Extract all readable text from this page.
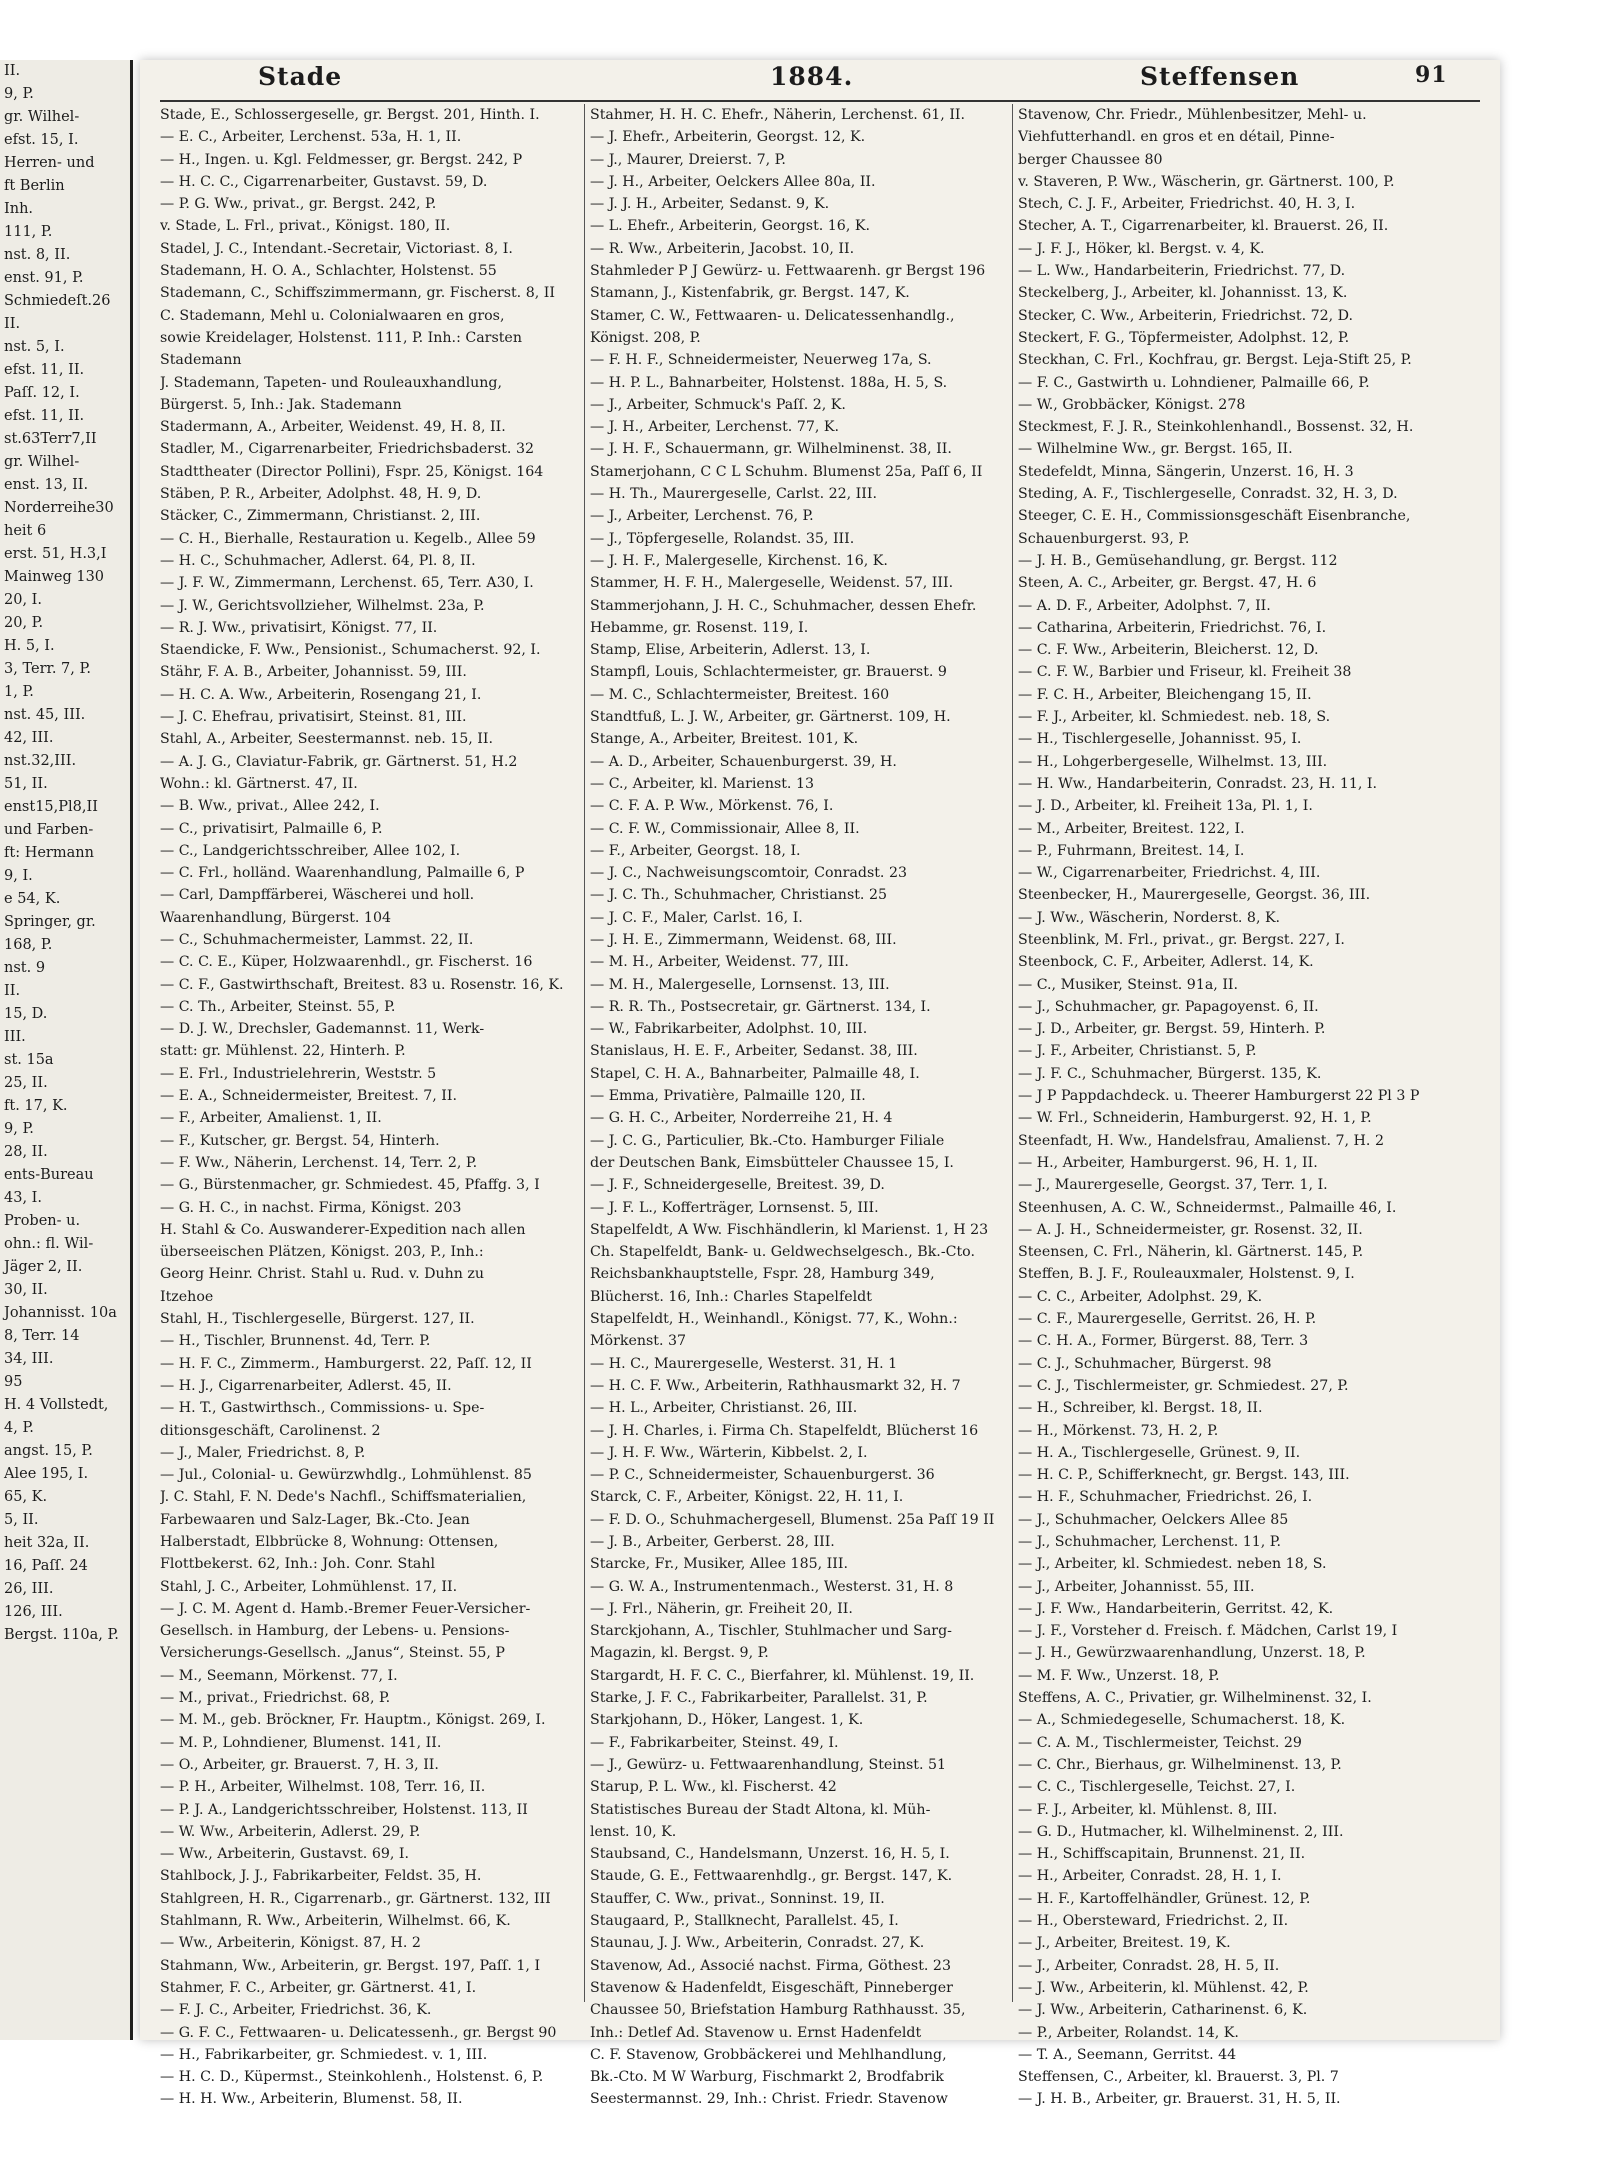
II.
9, P.
gr. Wilhel-
efst. 15, I.
Herren- und
ft Berlin
Inh.
111, P.
nst. 8, II.
enst. 91, P.
Schmiedeſt.26
II.
nst. 5, I.
efst. 11, II.
Paſſ. 12, I.
efst. 11, II.
st.63Terr7,II
gr. Wilhel-
enst. 13, II.
Norderreihe30
heit 6
erst. 51, H.3,I
Mainweg 130
20, I.
20, P.
H. 5, I.
3, Terr. 7, P.
1, P.
nst. 45, III.
42, III.
nst.32,III.
51, II.
enst15,Pl8,II
und Farben-
ft: Hermann
9, I.
e 54, K.
Springer, gr.
168, P.
nst. 9
II.
15, D.
III.
st. 15a
25, II.
ft. 17, K.
9, P.
28, II.
ents-Bureau
43, I.
Proben- u.
ohn.: fl. Wil-
Jäger 2, II.
30, II.
Johannisst. 10a
8, Terr. 14
34, III.
95
H. 4 Vollstedt,
4, P.
angst. 15, P.
Alee 195, I.
65, K.
5, II.
heit 32a, II.
16, Paſſ. 24
26, III.
126, III.
Bergst. 110a, P.
Stade	1884.	Steffensen	91
Stade, E., Schlossergeselle, gr. Bergst. 201, Hinth. I.
— E. C., Arbeiter, Lerchenst. 53a, H. 1, II.
— H., Ingen. u. Kgl. Feldmesser, gr. Bergst. 242, P
— H. C. C., Cigarrenarbeiter, Gustavst. 59, D.
— P. G. Ww., privat., gr. Bergst. 242, P.
v. Stade, L. Frl., privat., Königst. 180, II.
Stadel, J. C., Intendant.-Secretair, Victoriast. 8, I.
Stademann, H. O. A., Schlachter, Holstenst. 55
Stademann, C., Schiffszimmermann, gr. Fischerst. 8, II
C. Stademann, Mehl u. Colonialwaaren en gros,
sowie Kreidelager, Holstenst. 111, P. Inh.: Carsten
Stademann
J. Stademann, Tapeten- und Rouleauxhandlung,
Bürgerst. 5, Inh.: Jak. Stademann
Stadermann, A., Arbeiter, Weidenst. 49, H. 8, II.
Stadler, M., Cigarrenarbeiter, Friedrichsbaderst. 32
Stadttheater (Director Pollini), Fspr. 25, Königst. 164
Stäben, P. R., Arbeiter, Adolphst. 48, H. 9, D.
Stäcker, C., Zimmermann, Christianst. 2, III.
— C. H., Bierhalle, Restauration u. Kegelb., Allee 59
— H. C., Schuhmacher, Adlerst. 64, Pl. 8, II.
— J. F. W., Zimmermann, Lerchenst. 65, Terr. A30, I.
— J. W., Gerichtsvollzieher, Wilhelmst. 23a, P.
— R. J. Ww., privatisirt, Königst. 77, II.
Staendicke, F. Ww., Pensionist., Schumacherst. 92, I.
Stähr, F. A. B., Arbeiter, Johannisst. 59, III.
— H. C. A. Ww., Arbeiterin, Rosengang 21, I.
— J. C. Ehefrau, privatisirt, Steinst. 81, III.
Stahl, A., Arbeiter, Seestermannst. neb. 15, II.
— A. J. G., Claviatur-Fabrik, gr. Gärtnerst. 51, H.2
Wohn.: kl. Gärtnerst. 47, II.
— B. Ww., privat., Allee 242, I.
— C., privatisirt, Palmaille 6, P.
— C., Landgerichtsschreiber, Allee 102, I.
— C. Frl., holländ. Waarenhandlung, Palmaille 6, P
— Carl, Dampffärberei, Wäscherei und holl.
Waarenhandlung, Bürgerst. 104
— C., Schuhmachermeister, Lammst. 22, II.
— C. C. E., Küper, Holzwaarenhdl., gr. Fischerst. 16
— C. F., Gastwirthschaft, Breitest. 83 u. Rosenstr. 16, K.
— C. Th., Arbeiter, Steinst. 55, P.
— D. J. W., Drechsler, Gademannst. 11, Werk-
statt: gr. Mühlenst. 22, Hinterh. P.
— E. Frl., Industrielehrerin, Weststr. 5
— E. A., Schneidermeister, Breitest. 7, II.
— F., Arbeiter, Amalienst. 1, II.
— F., Kutscher, gr. Bergst. 54, Hinterh.
— F. Ww., Näherin, Lerchenst. 14, Terr. 2, P.
— G., Bürstenmacher, gr. Schmiedest. 45, Pfaffg. 3, I
— G. H. C., in nachst. Firma, Königst. 203
H. Stahl & Co. Auswanderer-Expedition nach allen
überseeischen Plätzen, Königst. 203, P., Inh.:
Georg Heinr. Christ. Stahl u. Rud. v. Duhn zu
Itzehoe
Stahl, H., Tischlergeselle, Bürgerst. 127, II.
— H., Tischler, Brunnenst. 4d, Terr. P.
— H. F. C., Zimmerm., Hamburgerst. 22, Paſſ. 12, II
— H. J., Cigarrenarbeiter, Adlerst. 45, II.
— H. T., Gastwirthsch., Commissions- u. Spe-
ditionsgeschäft, Carolinenst. 2
— J., Maler, Friedrichst. 8, P.
— Jul., Colonial- u. Gewürzwhdlg., Lohmühlenst. 85
J. C. Stahl, F. N. Dede's Nachfl., Schiffsmaterialien,
Farbewaaren und Salz-Lager, Bk.-Cto. Jean
Halberstadt, Elbbrücke 8, Wohnung: Ottensen,
Flottbekerst. 62, Inh.: Joh. Conr. Stahl
Stahl, J. C., Arbeiter, Lohmühlenst. 17, II.
— J. C. M. Agent d. Hamb.-Bremer Feuer-Versicher-
Gesellsch. in Hamburg, der Lebens- u. Pensions-
Versicherungs-Gesellsch. „Janus“, Steinst. 55, P
— M., Seemann, Mörkenst. 77, I.
— M., privat., Friedrichst. 68, P.
— M. M., geb. Bröckner, Fr. Hauptm., Königst. 269, I.
— M. P., Lohndiener, Blumenst. 141, II.
— O., Arbeiter, gr. Brauerst. 7, H. 3, II.
— P. H., Arbeiter, Wilhelmst. 108, Terr. 16, II.
— P. J. A., Landgerichtsschreiber, Holstenst. 113, II
— W. Ww., Arbeiterin, Adlerst. 29, P.
— Ww., Arbeiterin, Gustavst. 69, I.
Stahlbock, J. J., Fabrikarbeiter, Feldst. 35, H.
Stahlgreen, H. R., Cigarrenarb., gr. Gärtnerst. 132, III
Stahlmann, R. Ww., Arbeiterin, Wilhelmst. 66, K.
— Ww., Arbeiterin, Königst. 87, H. 2
Stahmann, Ww., Arbeiterin, gr. Bergst. 197, Paſſ. 1, I
Stahmer, F. C., Arbeiter, gr. Gärtnerst. 41, I.
— F. J. C., Arbeiter, Friedrichst. 36, K.
— G. F. C., Fettwaaren- u. Delicatessenh., gr. Bergst 90
— H., Fabrikarbeiter, gr. Schmiedest. v. 1, III.
— H. C. D., Küpermst., Steinkohlenh., Holstenst. 6, P.
— H. H. Ww., Arbeiterin, Blumenst. 58, II.
Stahmer, H. H. C. Ehefr., Näherin, Lerchenst. 61, II.
— J. Ehefr., Arbeiterin, Georgst. 12, K.
— J., Maurer, Dreierst. 7, P.
— J. H., Arbeiter, Oelckers Allee 80a, II.
— J. J. H., Arbeiter, Sedanst. 9, K.
— L. Ehefr., Arbeiterin, Georgst. 16, K.
— R. Ww., Arbeiterin, Jacobst. 10, II.
Stahmleder P J Gewürz- u. Fettwaarenh. gr Bergst 196
Stamann, J., Kistenfabrik, gr. Bergst. 147, K.
Stamer, C. W., Fettwaaren- u. Delicatessenhandlg.,
Königst. 208, P.
— F. H. F., Schneidermeister, Neuerweg 17a, S.
— H. P. L., Bahnarbeiter, Holstenst. 188a, H. 5, S.
— J., Arbeiter, Schmuck's Paſſ. 2, K.
— J. H., Arbeiter, Lerchenst. 77, K.
— J. H. F., Schauermann, gr. Wilhelminenst. 38, II.
Stamerjohann, C C L Schuhm. Blumenst 25a, Paſſ 6, II
— H. Th., Maurergeselle, Carlst. 22, III.
— J., Arbeiter, Lerchenst. 76, P.
— J., Töpfergeselle, Rolandst. 35, III.
— J. H. F., Malergeselle, Kirchenst. 16, K.
Stammer, H. F. H., Malergeselle, Weidenst. 57, III.
Stammerjohann, J. H. C., Schuhmacher, dessen Ehefr.
Hebamme, gr. Rosenst. 119, I.
Stamp, Elise, Arbeiterin, Adlerst. 13, I.
Stampfl, Louis, Schlachtermeister, gr. Brauerst. 9
— M. C., Schlachtermeister, Breitest. 160
Standtfuß, L. J. W., Arbeiter, gr. Gärtnerst. 109, H.
Stange, A., Arbeiter, Breitest. 101, K.
— A. D., Arbeiter, Schauenburgerst. 39, H.
— C., Arbeiter, kl. Marienst. 13
— C. F. A. P. Ww., Mörkenst. 76, I.
— C. F. W., Commissionair, Allee 8, II.
— F., Arbeiter, Georgst. 18, I.
— J. C., Nachweisungscomtoir, Conradst. 23
— J. C. Th., Schuhmacher, Christianst. 25
— J. C. F., Maler, Carlst. 16, I.
— J. H. E., Zimmermann, Weidenst. 68, III.
— M. H., Arbeiter, Weidenst. 77, III.
— M. H., Malergeselle, Lornsenst. 13, III.
— R. R. Th., Postsecretair, gr. Gärtnerst. 134, I.
— W., Fabrikarbeiter, Adolphst. 10, III.
Stanislaus, H. E. F., Arbeiter, Sedanst. 38, III.
Stapel, C. H. A., Bahnarbeiter, Palmaille 48, I.
— Emma, Privatière, Palmaille 120, II.
— G. H. C., Arbeiter, Norderreihe 21, H. 4
— J. C. G., Particulier, Bk.-Cto. Hamburger Filiale
der Deutschen Bank, Eimsbütteler Chaussee 15, I.
— J. F., Schneidergeselle, Breitest. 39, D.
— J. F. L., Kofferträger, Lornsenst. 5, III.
Stapelfeldt, A Ww. Fischhändlerin, kl Marienst. 1, H 23
Ch. Stapelfeldt, Bank- u. Geldwechselgesch., Bk.-Cto.
Reichsbankhauptstelle, Fspr. 28, Hamburg 349,
Blücherst. 16, Inh.: Charles Stapelfeldt
Stapelfeldt, H., Weinhandl., Königst. 77, K., Wohn.:
Mörkenst. 37
— H. C., Maurergeselle, Westerst. 31, H. 1
— H. C. F. Ww., Arbeiterin, Rathhausmarkt 32, H. 7
— H. L., Arbeiter, Christianst. 26, III.
— J. H. Charles, i. Firma Ch. Stapelfeldt, Blücherst 16
— J. H. F. Ww., Wärterin, Kibbelst. 2, I.
— P. C., Schneidermeister, Schauenburgerst. 36
Starck, C. F., Arbeiter, Königst. 22, H. 11, I.
— F. D. O., Schuhmachergesell, Blumenst. 25a Paſſ 19 II
— J. B., Arbeiter, Gerberst. 28, III.
Starcke, Fr., Musiker, Allee 185, III.
— G. W. A., Instrumentenmach., Westerst. 31, H. 8
— J. Frl., Näherin, gr. Freiheit 20, II.
Starckjohann, A., Tischler, Stuhlmacher und Sarg-
Magazin, kl. Bergst. 9, P.
Stargardt, H. F. C. C., Bierfahrer, kl. Mühlenst. 19, II.
Starke, J. F. C., Fabrikarbeiter, Parallelst. 31, P.
Starkjohann, D., Höker, Langest. 1, K.
— F., Fabrikarbeiter, Steinst. 49, I.
— J., Gewürz- u. Fettwaarenhandlung, Steinst. 51
Starup, P. L. Ww., kl. Fischerst. 42
Statistisches Bureau der Stadt Altona, kl. Müh-
lenst. 10, K.
Staubsand, C., Handelsmann, Unzerst. 16, H. 5, I.
Staude, G. E., Fettwaarenhdlg., gr. Bergst. 147, K.
Stauffer, C. Ww., privat., Sonninst. 19, II.
Staugaard, P., Stallknecht, Parallelst. 45, I.
Staunau, J. J. Ww., Arbeiterin, Conradst. 27, K.
Stavenow, Ad., Associé nachst. Firma, Göthest. 23
Stavenow & Hadenfeldt, Eisgeschäft, Pinneberger
Chaussee 50, Briefstation Hamburg Rathhausst. 35,
Inh.: Detlef Ad. Stavenow u. Ernst Hadenfeldt
C. F. Stavenow, Grobbäckerei und Mehlhandlung,
Bk.-Cto. M W Warburg, Fischmarkt 2, Brodfabrik
Seestermannst. 29, Inh.: Christ. Friedr. Stavenow
Stavenow, Chr. Friedr., Mühlenbesitzer, Mehl- u.
Viehfutterhandl. en gros et en détail, Pinne-
berger Chaussee 80
v. Staveren, P. Ww., Wäscherin, gr. Gärtnerst. 100, P.
Stech, C. J. F., Arbeiter, Friedrichst. 40, H. 3, I.
Stecher, A. T., Cigarrenarbeiter, kl. Brauerst. 26, II.
— J. F. J., Höker, kl. Bergst. v. 4, K.
— L. Ww., Handarbeiterin, Friedrichst. 77, D.
Steckelberg, J., Arbeiter, kl. Johannisst. 13, K.
Stecker, C. Ww., Arbeiterin, Friedrichst. 72, D.
Steckert, F. G., Töpfermeister, Adolphst. 12, P.
Steckhan, C. Frl., Kochfrau, gr. Bergst. Leja-Stift 25, P.
— F. C., Gastwirth u. Lohndiener, Palmaille 66, P.
— W., Grobbäcker, Königst. 278
Steckmest, F. J. R., Steinkohlenhandl., Bossenst. 32, H.
— Wilhelmine Ww., gr. Bergst. 165, II.
Stedefeldt, Minna, Sängerin, Unzerst. 16, H. 3
Steding, A. F., Tischlergeselle, Conradst. 32, H. 3, D.
Steeger, C. E. H., Commissionsgeschäft Eisenbranche,
Schauenburgerst. 93, P.
— J. H. B., Gemüsehandlung, gr. Bergst. 112
Steen, A. C., Arbeiter, gr. Bergst. 47, H. 6
— A. D. F., Arbeiter, Adolphst. 7, II.
— Catharina, Arbeiterin, Friedrichst. 76, I.
— C. F. Ww., Arbeiterin, Bleicherst. 12, D.
— C. F. W., Barbier und Friseur, kl. Freiheit 38
— F. C. H., Arbeiter, Bleichengang 15, II.
— F. J., Arbeiter, kl. Schmiedest. neb. 18, S.
— H., Tischlergeselle, Johannisst. 95, I.
— H., Lohgerbergeselle, Wilhelmst. 13, III.
— H. Ww., Handarbeiterin, Conradst. 23, H. 11, I.
— J. D., Arbeiter, kl. Freiheit 13a, Pl. 1, I.
— M., Arbeiter, Breitest. 122, I.
— P., Fuhrmann, Breitest. 14, I.
— W., Cigarrenarbeiter, Friedrichst. 4, III.
Steenbecker, H., Maurergeselle, Georgst. 36, III.
— J. Ww., Wäscherin, Norderst. 8, K.
Steenblink, M. Frl., privat., gr. Bergst. 227, I.
Steenbock, C. F., Arbeiter, Adlerst. 14, K.
— C., Musiker, Steinst. 91a, II.
— J., Schuhmacher, gr. Papagoyenst. 6, II.
— J. D., Arbeiter, gr. Bergst. 59, Hinterh. P.
— J. F., Arbeiter, Christianst. 5, P.
— J. F. C., Schuhmacher, Bürgerst. 135, K.
— J P Pappdachdeck. u. Theerer Hamburgerst 22 Pl 3 P
— W. Frl., Schneiderin, Hamburgerst. 92, H. 1, P.
Steenfadt, H. Ww., Handelsfrau, Amalienst. 7, H. 2
— H., Arbeiter, Hamburgerst. 96, H. 1, II.
— J., Maurergeselle, Georgst. 37, Terr. 1, I.
Steenhusen, A. C. W., Schneidermst., Palmaille 46, I.
— A. J. H., Schneidermeister, gr. Rosenst. 32, II.
Steensen, C. Frl., Näherin, kl. Gärtnerst. 145, P.
Steffen, B. J. F., Rouleauxmaler, Holstenst. 9, I.
— C. C., Arbeiter, Adolphst. 29, K.
— C. F., Maurergeselle, Gerritst. 26, H. P.
— C. H. A., Former, Bürgerst. 88, Terr. 3
— C. J., Schuhmacher, Bürgerst. 98
— C. J., Tischlermeister, gr. Schmiedest. 27, P.
— H., Schreiber, kl. Bergst. 18, II.
— H., Mörkenst. 73, H. 2, P.
— H. A., Tischlergeselle, Grünest. 9, II.
— H. C. P., Schifferknecht, gr. Bergst. 143, III.
— H. F., Schuhmacher, Friedrichst. 26, I.
— J., Schuhmacher, Oelckers Allee 85
— J., Schuhmacher, Lerchenst. 11, P.
— J., Arbeiter, kl. Schmiedest. neben 18, S.
— J., Arbeiter, Johannisst. 55, III.
— J. F. Ww., Handarbeiterin, Gerritst. 42, K.
— J. F., Vorsteher d. Freisch. f. Mädchen, Carlst 19, I
— J. H., Gewürzwaarenhandlung, Unzerst. 18, P.
— M. F. Ww., Unzerst. 18, P.
Steffens, A. C., Privatier, gr. Wilhelminenst. 32, I.
— A., Schmiedegeselle, Schumacherst. 18, K.
— C. A. M., Tischlermeister, Teichst. 29
— C. Chr., Bierhaus, gr. Wilhelminenst. 13, P.
— C. C., Tischlergeselle, Teichst. 27, I.
— F. J., Arbeiter, kl. Mühlenst. 8, III.
— G. D., Hutmacher, kl. Wilhelminenst. 2, III.
— H., Schiffscapitain, Brunnenst. 21, II.
— H., Arbeiter, Conradst. 28, H. 1, I.
— H. F., Kartoffelhändler, Grünest. 12, P.
— H., Obersteward, Friedrichst. 2, II.
— J., Arbeiter, Breitest. 19, K.
— J., Arbeiter, Conradst. 28, H. 5, II.
— J. Ww., Arbeiterin, kl. Mühlenst. 42, P.
— J. Ww., Arbeiterin, Catharinenst. 6, K.
— P., Arbeiter, Rolandst. 14, K.
— T. A., Seemann, Gerritst. 44
Steffensen, C., Arbeiter, kl. Brauerst. 3, Pl. 7
— J. H. B., Arbeiter, gr. Brauerst. 31, H. 5, II.
